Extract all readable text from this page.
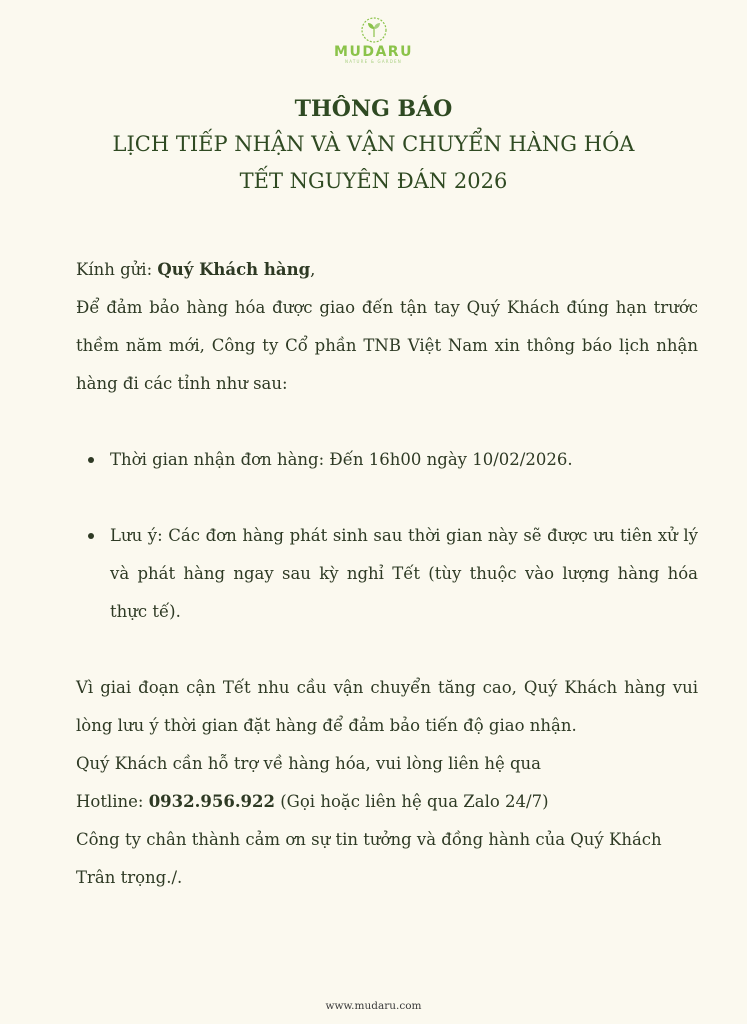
MUDARU
NATURE & GARDEN
THÔNG BÁO
LỊCH TIẾP NHẬN VÀ VẬN CHUYỂN HÀNG HÓA
TẾT NGUYÊN ĐÁN 2026

Kính gửi: Quý Khách hàng,

Để đảm bảo hàng hóa được giao đến tận tay Quý Khách đúng hạn trước thềm năm mới, Công ty Cổ phần TNB Việt Nam xin thông báo lịch nhận hàng đi các tỉnh như sau:

Thời gian nhận đơn hàng: Đến 16h00 ngày 10/02/2026.
Lưu ý: Các đơn hàng phát sinh sau thời gian này sẽ được ưu tiên xử lý và phát hàng ngay sau kỳ nghỉ Tết (tùy thuộc vào lượng hàng hóa thực tế).

Vì giai đoạn cận Tết nhu cầu vận chuyển tăng cao, Quý Khách hàng vui lòng lưu ý thời gian đặt hàng để đảm bảo tiến độ giao nhận.

Quý Khách cần hỗ trợ về hàng hóa, vui lòng liên hệ qua

Hotline: 0932.956.922 (Gọi hoặc liên hệ qua Zalo 24/7)

Công ty chân thành cảm ơn sự tin tưởng và đồng hành của Quý Khách

Trân trọng./.

www.mudaru.com
